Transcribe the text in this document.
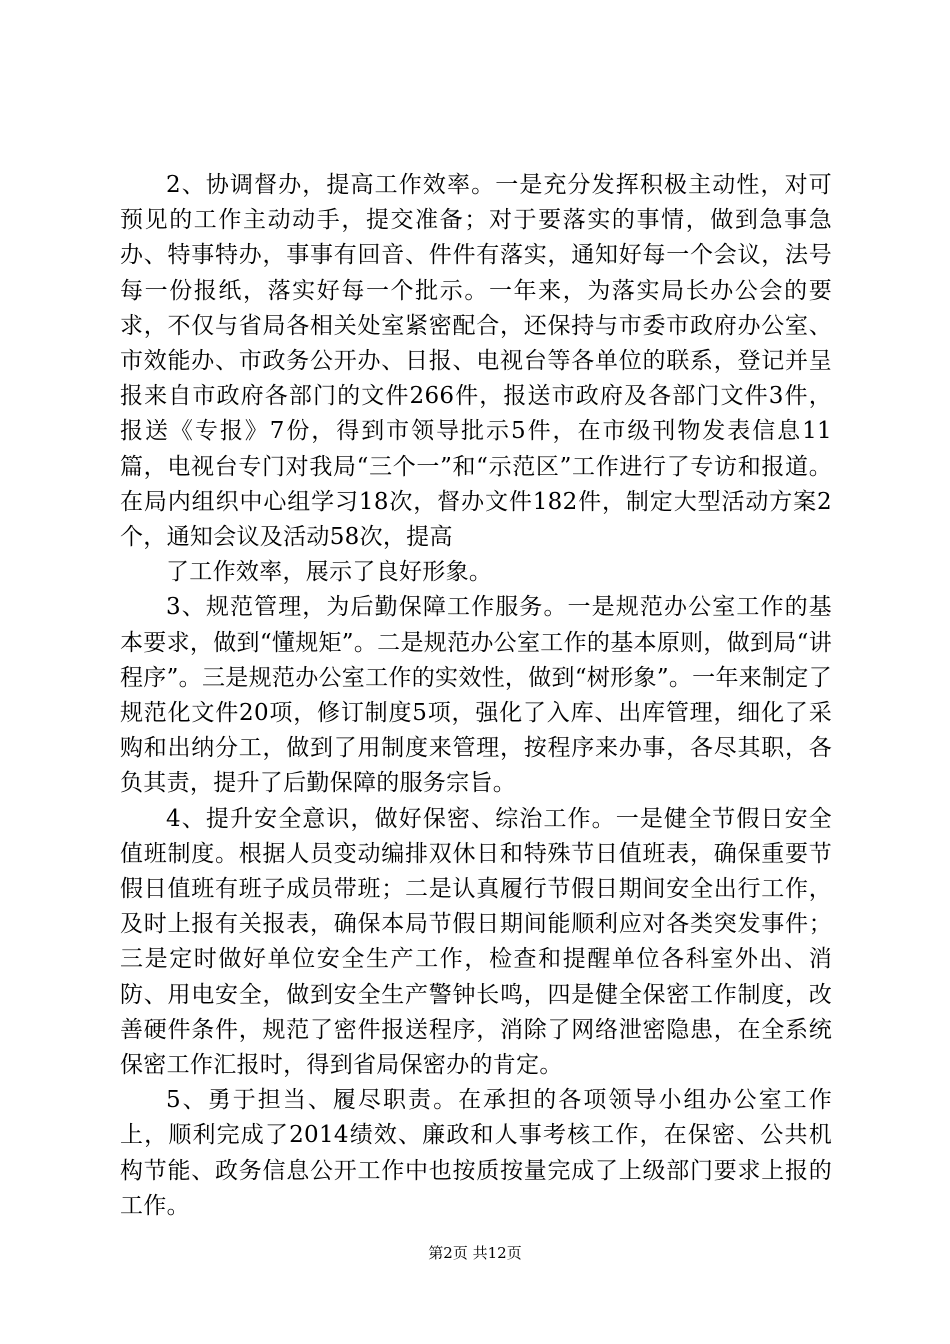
2、协调督办，提高工作效率。一是充分发挥积极主动性，对可预见的工作主动动手，提交准备；对于要落实的事情，做到急事急办、特事特办，事事有回音、件件有落实，通知好每一个会议，法号每一份报纸，落实好每一个批示。一年来，为落实局长办公会的要求，不仅与省局各相关处室紧密配合，还保持与市委市政府办公室、市效能办、市政务公开办、日报、电视台等各单位的联系，登记并呈报来自市政府各部门的文件266件，报送市政府及各部门文件3件，报送《专报》7份，得到市领导批示5件，在市级刊物发表信息11篇，电视台专门对我局“三个一”和“示范区”工作进行了专访和报道。在局内组织中心组学习18次，督办文件182件，制定大型活动方案2个，通知会议及活动58次，提高

了工作效率，展示了良好形象。

3、规范管理，为后勤保障工作服务。一是规范办公室工作的基本要求，做到“懂规矩”。二是规范办公室工作的基本原则，做到局“讲程序”。三是规范办公室工作的实效性，做到“树形象”。一年来制定了规范化文件20项，修订制度5项，强化了入库、出库管理，细化了采购和出纳分工，做到了用制度来管理，按程序来办事，各尽其职，各负其责，提升了后勤保障的服务宗旨。

4、提升安全意识，做好保密、综治工作。一是健全节假日安全值班制度。根据人员变动编排双休日和特殊节日值班表，确保重要节假日值班有班子成员带班；二是认真履行节假日期间安全出行工作，及时上报有关报表，确保本局节假日期间能顺利应对各类突发事件；三是定时做好单位安全生产工作，检查和提醒单位各科室外出、消防、用电安全，做到安全生产警钟长鸣，四是健全保密工作制度，改善硬件条件，规范了密件报送程序，消除了网络泄密隐患，在全系统保密工作汇报时，得到省局保密办的肯定。

5、勇于担当、履尽职责。在承担的各项领导小组办公室工作上，顺利完成了2014绩效、廉政和人事考核工作，在保密、公共机构节能、政务信息公开工作中也按质按量完成了上级部门要求上报的工作。

第2页 共12页
